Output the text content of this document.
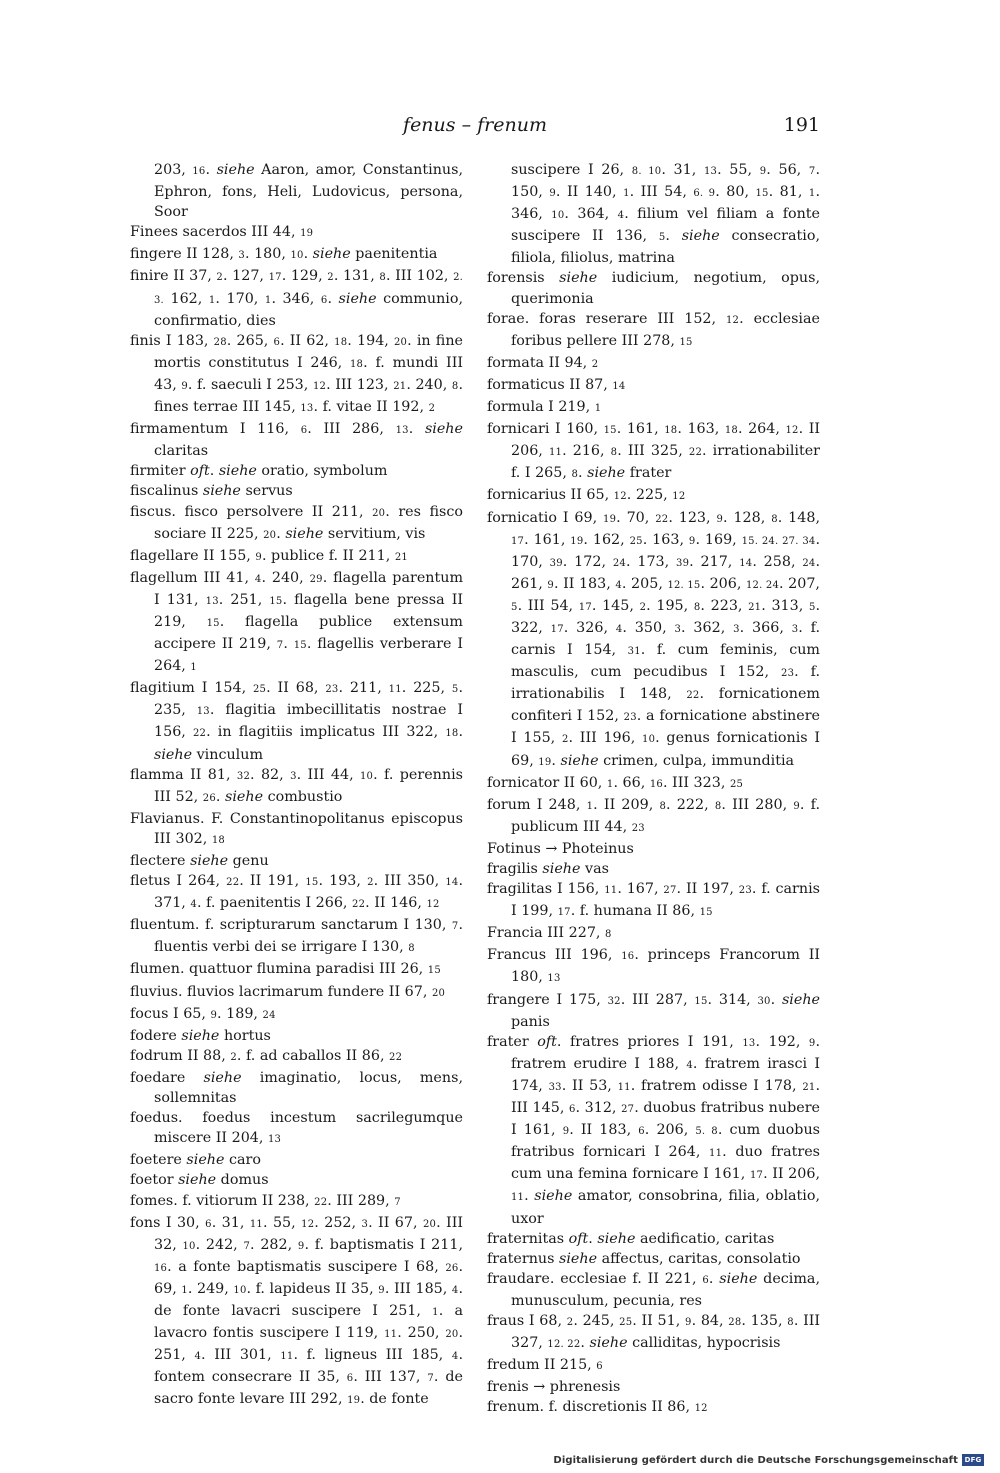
fenus – frenum	191

203, 16. siehe Aaron, amor, Constantinus, Ephron, fons, Heli, Ludovicus, persona, Soor

Finees sacerdos III 44, 19

fingere II 128, 3. 180, 10. siehe paenitentia

finire II 37, 2. 127, 17. 129, 2. 131, 8. III 102, 2. 3. 162, 1. 170, 1. 346, 6. siehe communio, confirmatio, dies

finis I 183, 28. 265, 6. II 62, 18. 194, 20. in fine mortis constitutus I 246, 18. f. mundi III 43, 9. f. saeculi I 253, 12. III 123, 21. 240, 8. fines terrae III 145, 13. f. vitae II 192, 2

firmamentum I 116, 6. III 286, 13. siehe claritas

firmiter oft. siehe oratio, symbolum

fiscalinus siehe servus

fiscus. fisco persolvere II 211, 20. res fisco sociare II 225, 20. siehe servitium, vis

flagellare II 155, 9. publice f. II 211, 21

flagellum III 41, 4. 240, 29. flagella parentum I 131, 13. 251, 15. flagella bene pressa II 219, 15. flagella publice extensum accipere II 219, 7. 15. flagellis verberare I 264, 1

flagitium I 154, 25. II 68, 23. 211, 11. 225, 5. 235, 13. flagitia imbecillitatis nostrae I 156, 22. in flagitiis implicatus III 322, 18. siehe vinculum

flamma II 81, 32. 82, 3. III 44, 10. f. perennis III 52, 26. siehe combustio

Flavianus. F. Constantinopolitanus episcopus III 302, 18

flectere siehe genu

fletus I 264, 22. II 191, 15. 193, 2. III 350, 14. 371, 4. f. paenitentis I 266, 22. II 146, 12

fluentum. f. scripturarum sanctarum I 130, 7. fluentis verbi dei se irrigare I 130, 8

flumen. quattuor flumina paradisi III 26, 15

fluvius. fluvios lacrimarum fundere II 67, 20

focus I 65, 9. 189, 24

fodere siehe hortus

fodrum II 88, 2. f. ad caballos II 86, 22

foedare siehe imaginatio, locus, mens, sollemnitas

foedus. foedus incestum sacrilegumque miscere II 204, 13

foetere siehe caro

foetor siehe domus

fomes. f. vitiorum II 238, 22. III 289, 7

fons I 30, 6. 31, 11. 55, 12. 252, 3. II 67, 20. III 32, 10. 242, 7. 282, 9. f. baptismatis I 211, 16. a fonte baptismatis suscipere I 68, 26. 69, 1. 249, 10. f. lapideus II 35, 9. III 185, 4. de fonte lavacri suscipere I 251, 1. a lavacro fontis suscipere I 119, 11. 250, 20. 251, 4. III 301, 11. f. ligneus III 185, 4. fontem consecrare II 35, 6. III 137, 7. de sacro fonte levare III 292, 19. de fonte

suscipere I 26, 8. 10. 31, 13. 55, 9. 56, 7. 150, 9. II 140, 1. III 54, 6. 9. 80, 15. 81, 1. 346, 10. 364, 4. filium vel filiam a fonte suscipere II 136, 5. siehe consecratio, filiola, filiolus, matrina

forensis siehe iudicium, negotium, opus, querimonia

forae. foras reserare III 152, 12. ecclesiae foribus pellere III 278, 15

formata II 94, 2

formaticus II 87, 14

formula I 219, 1

fornicari I 160, 15. 161, 18. 163, 18. 264, 12. II 206, 11. 216, 8. III 325, 22. irrationabiliter f. I 265, 8. siehe frater

fornicarius II 65, 12. 225, 12

fornicatio I 69, 19. 70, 22. 123, 9. 128, 8. 148, 17. 161, 19. 162, 25. 163, 9. 169, 15. 24. 27. 34. 170, 39. 172, 24. 173, 39. 217, 14. 258, 24. 261, 9. II 183, 4. 205, 12. 15. 206, 12. 24. 207, 5. III 54, 17. 145, 2. 195, 8. 223, 21. 313, 5. 322, 17. 326, 4. 350, 3. 362, 3. 366, 3. f. carnis I 154, 31. f. cum feminis, cum masculis, cum pecudibus I 152, 23. f. irrationabilis I 148, 22. fornicationem confiteri I 152, 23. a fornicatione abstinere I 155, 2. III 196, 10. genus fornicationis I 69, 19. siehe crimen, culpa, immunditia

fornicator II 60, 1. 66, 16. III 323, 25

forum I 248, 1. II 209, 8. 222, 8. III 280, 9. f. publicum III 44, 23

Fotinus → Photeinus

fragilis siehe vas

fragilitas I 156, 11. 167, 27. II 197, 23. f. carnis I 199, 17. f. humana II 86, 15

Francia III 227, 8

Francus III 196, 16. princeps Francorum II 180, 13

frangere I 175, 32. III 287, 15. 314, 30. siehe panis

frater oft. fratres priores I 191, 13. 192, 9. fratrem erudire I 188, 4. fratrem irasci I 174, 33. II 53, 11. fratrem odisse I 178, 21. III 145, 6. 312, 27. duobus fratribus nubere I 161, 9. II 183, 6. 206, 5. 8. cum duobus fratribus fornicari I 264, 11. duo fratres cum una femina fornicare I 161, 17. II 206, 11. siehe amator, consobrina, filia, oblatio, uxor

fraternitas oft. siehe aedificatio, caritas

fraternus siehe affectus, caritas, consolatio

fraudare. ecclesiae f. II 221, 6. siehe decima, munusculum, pecunia, res

fraus I 68, 2. 245, 25. II 51, 9. 84, 28. 135, 8. III 327, 12. 22. siehe calliditas, hypocrisis

fredum II 215, 6

frenis → phrenesis

frenum. f. discretionis II 86, 12

Digitalisierung gefördert durch die Deutsche Forschungsgemeinschaft DFG
